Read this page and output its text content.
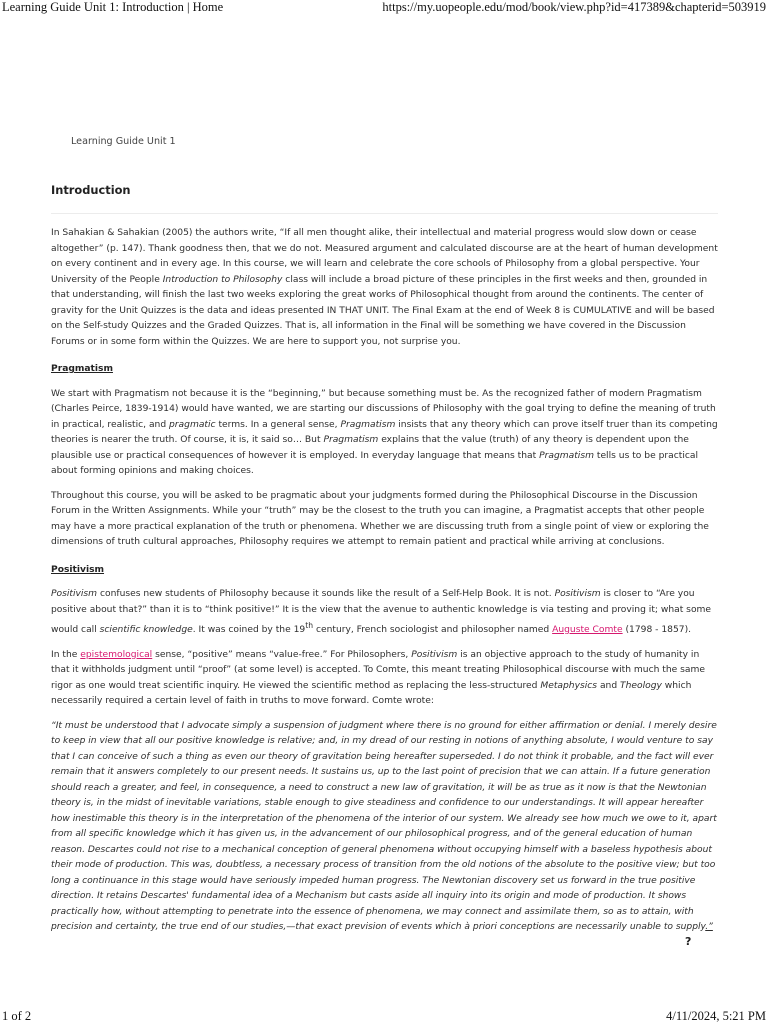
Learning Guide Unit 1: Introduction | Home	https://my.uopeople.edu/mod/book/view.php?id=417389&chapterid=503919
Learning Guide Unit 1
Introduction

In Sahakian & Sahakian (2005) the authors write, “If all men thought alike, their intellectual and material progress would slow down or cease altogether” (p. 147). Thank goodness then, that we do not. Measured argument and calculated discourse are at the heart of human development on every continent and in every age. In this course, we will learn and celebrate the core schools of Philosophy from a global perspective. Your University of the People Introduction to Philosophy class will include a broad picture of these principles in the first weeks and then, grounded in that understanding, will finish the last two weeks exploring the great works of Philosophical thought from around the continents. The center of gravity for the Unit Quizzes is the data and ideas presented IN THAT UNIT. The Final Exam at the end of Week 8 is CUMULATIVE and will be based on the Self-study Quizzes and the Graded Quizzes. That is, all information in the Final will be something we have covered in the Discussion Forums or in some form within the Quizzes. We are here to support you, not surprise you.

Pragmatism

We start with Pragmatism not because it is the “beginning,” but because something must be. As the recognized father of modern Pragmatism (Charles Peirce, 1839-1914) would have wanted, we are starting our discussions of Philosophy with the goal trying to define the meaning of truth in practical, realistic, and pragmatic terms. In a general sense, Pragmatism insists that any theory which can prove itself truer than its competing theories is nearer the truth. Of course, it is, it said so… But Pragmatism explains that the value (truth) of any theory is dependent upon the plausible use or practical consequences of however it is employed. In everyday language that means that Pragmatism tells us to be practical about forming opinions and making choices.

Throughout this course, you will be asked to be pragmatic about your judgments formed during the Philosophical Discourse in the Discussion Forum in the Written Assignments. While your “truth” may be the closest to the truth you can imagine, a Pragmatist accepts that other people may have a more practical explanation of the truth or phenomena. Whether we are discussing truth from a single point of view or exploring the dimensions of truth cultural approaches, Philosophy requires we attempt to remain patient and practical while arriving at conclusions.

Positivism

Positivism confuses new students of Philosophy because it sounds like the result of a Self-Help Book. It is not. Positivism is closer to “Are you positive about that?” than it is to “think positive!” It is the view that the avenue to authentic knowledge is via testing and proving it; what some would call scientific knowledge. It was coined by the 19th century, French sociologist and philosopher named Auguste Comte (1798 - 1857).

In the epistemological sense, “positive” means “value-free.” For Philosophers, Positivism is an objective approach to the study of humanity in that it withholds judgment until “proof” (at some level) is accepted. To Comte, this meant treating Philosophical discourse with much the same rigor as one would treat scientific inquiry. He viewed the scientific method as replacing the less-structured Metaphysics and Theology which necessarily required a certain level of faith in truths to move forward. Comte wrote:

“It must be understood that I advocate simply a suspension of judgment where there is no ground for either affirmation or denial. I merely desire to keep in view that all our positive knowledge is relative; and, in my dread of our resting in notions of anything absolute, I would venture to say that I can conceive of such a thing as even our theory of gravitation being hereafter superseded. I do not think it probable, and the fact will ever remain that it answers completely to our present needs. It sustains us, up to the last point of precision that we can attain. If a future generation should reach a greater, and feel, in consequence, a need to construct a new law of gravitation, it will be as true as it now is that the Newtonian theory is, in the midst of inevitable variations, stable enough to give steadiness and confidence to our understandings. It will appear hereafter how inestimable this theory is in the interpretation of the phenomena of the interior of our system. We already see how much we owe to it, apart from all specific knowledge which it has given us, in the advancement of our philosophical progress, and of the general education of human reason. Descartes could not rise to a mechanical conception of general phenomena without occupying himself with a baseless hypothesis about their mode of production. This was, doubtless, a necessary process of transition from the old notions of the absolute to the positive view; but too long a continuance in this stage would have seriously impeded human progress. The Newtonian discovery set us forward in the true positive direction. It retains Descartes' fundamental idea of a Mechanism but casts aside all inquiry into its origin and mode of production. It shows practically how, without attempting to penetrate into the essence of phenomena, we may connect and assimilate them, so as to attain, with precision and certainty, the true end of our studies,—that exact prevision of events which à priori conceptions are necessarily unable to supply.”

?
1 of 2	4/11/2024, 5:21 PM
